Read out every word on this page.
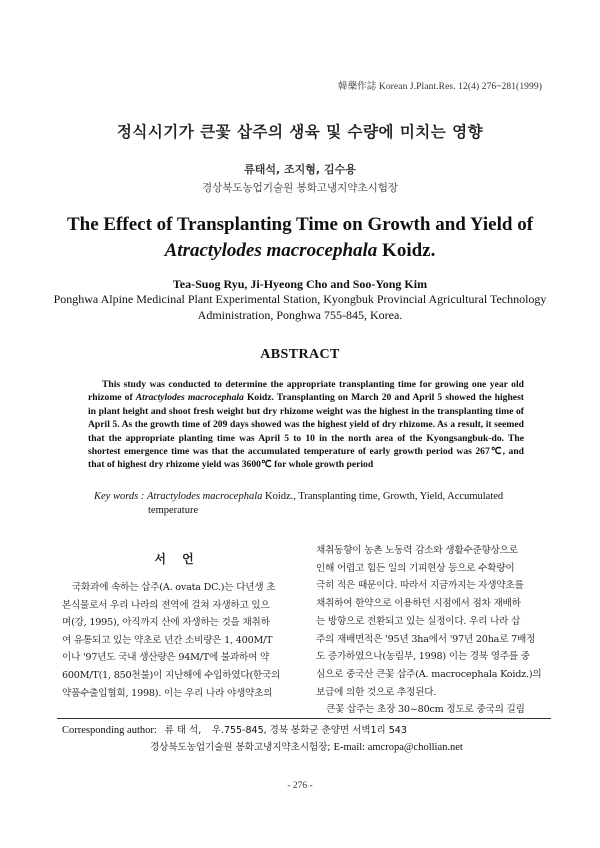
韓藥作誌 Korean J.Plant.Res. 12(4) 276~281(1999)
정식시기가 큰꽃 삽주의 생육 및 수량에 미치는 영향
류태석, 조지형, 김수용
경상북도농업기술원 봉화고냉지약초시험장
The Effect of Transplanting Time on Growth and Yield of
Atractylodes macrocephala Koidz.
Tea-Suog Ryu, Ji-Hyeong Cho and Soo-Yong Kim
Ponghwa Alpine Medicinal Plant Experimental Station, Kyongbuk Provincial Agricultural Technology Administration, Ponghwa 755-845, Korea.
ABSTRACT

This study was conducted to determine the appropriate transplanting time for growing one year old rhizome of Atractylodes macrocephala Koidz. Transplanting on March 20 and April 5 showed the highest in plant height and shoot fresh weight but dry rhizome weight was the highest in the transplanting time of April 5. As the growth time of 209 days showed was the highest yield of dry rhizome. As a result, it seemed that the appropriate planting time was April 5 to 10 in the north area of the Kyongsangbuk-do. The shortest emergence time was that the accumulated temperature of early growth period was 267℃, and that of highest dry rhizome yield was 3600℃ for whole growth period

Key words : Atractylodes macrocephala Koidz., Transplanting time, Growth, Yield, Accumulated
temperature
서 언
국화과에 속하는 삽주(A. ovata DC.)는 다년생 초
본식물로서 우리 나라의 전역에 걸쳐 자생하고 있으
며(강, 1995), 아직까지 산에 자생하는 것을 채취하
여 유통되고 있는 약초로 년간 소비량은 1, 400M/T
이나 '97년도 국내 생산량은 94M/T에 불과하여 약
600M/T(1, 850천불)이 지난해에 수입하였다(한국의
약품수출입협회, 1998). 이는 우리 나라 야생약초의
채취동향이 농촌 노동력 감소와 생활수준향상으로
인해 어렵고 힘든 일의 기피현상 등으로 수확량이
극히 적은 때문이다. 따라서 지금까지는 자생약초를
채취하여 한약으로 이용하던 시점에서 점차 재배하
는 방향으로 전환되고 있는 실정이다. 우리 나라 삽
주의 재배면적은 '95년 3ha에서 '97년 20ha로 7배정
도 증가하였으나(농림부, 1998) 이는 경북 영주를 중
심으로 중국산 큰꽃 삽주(A. macrocephala Koidz.)의
보급에 의한 것으로 추정된다.
큰꽃 삽주는 초장 30~80cm 정도로 중국의 길림
Corresponding author: 류 태 석, 우.755-845, 경북 봉화군 춘양면 서벽1리 543
경상북도농업기술원 봉화고냉지약초시험장; E-mail: amcropa@chollian.net
- 276 -
